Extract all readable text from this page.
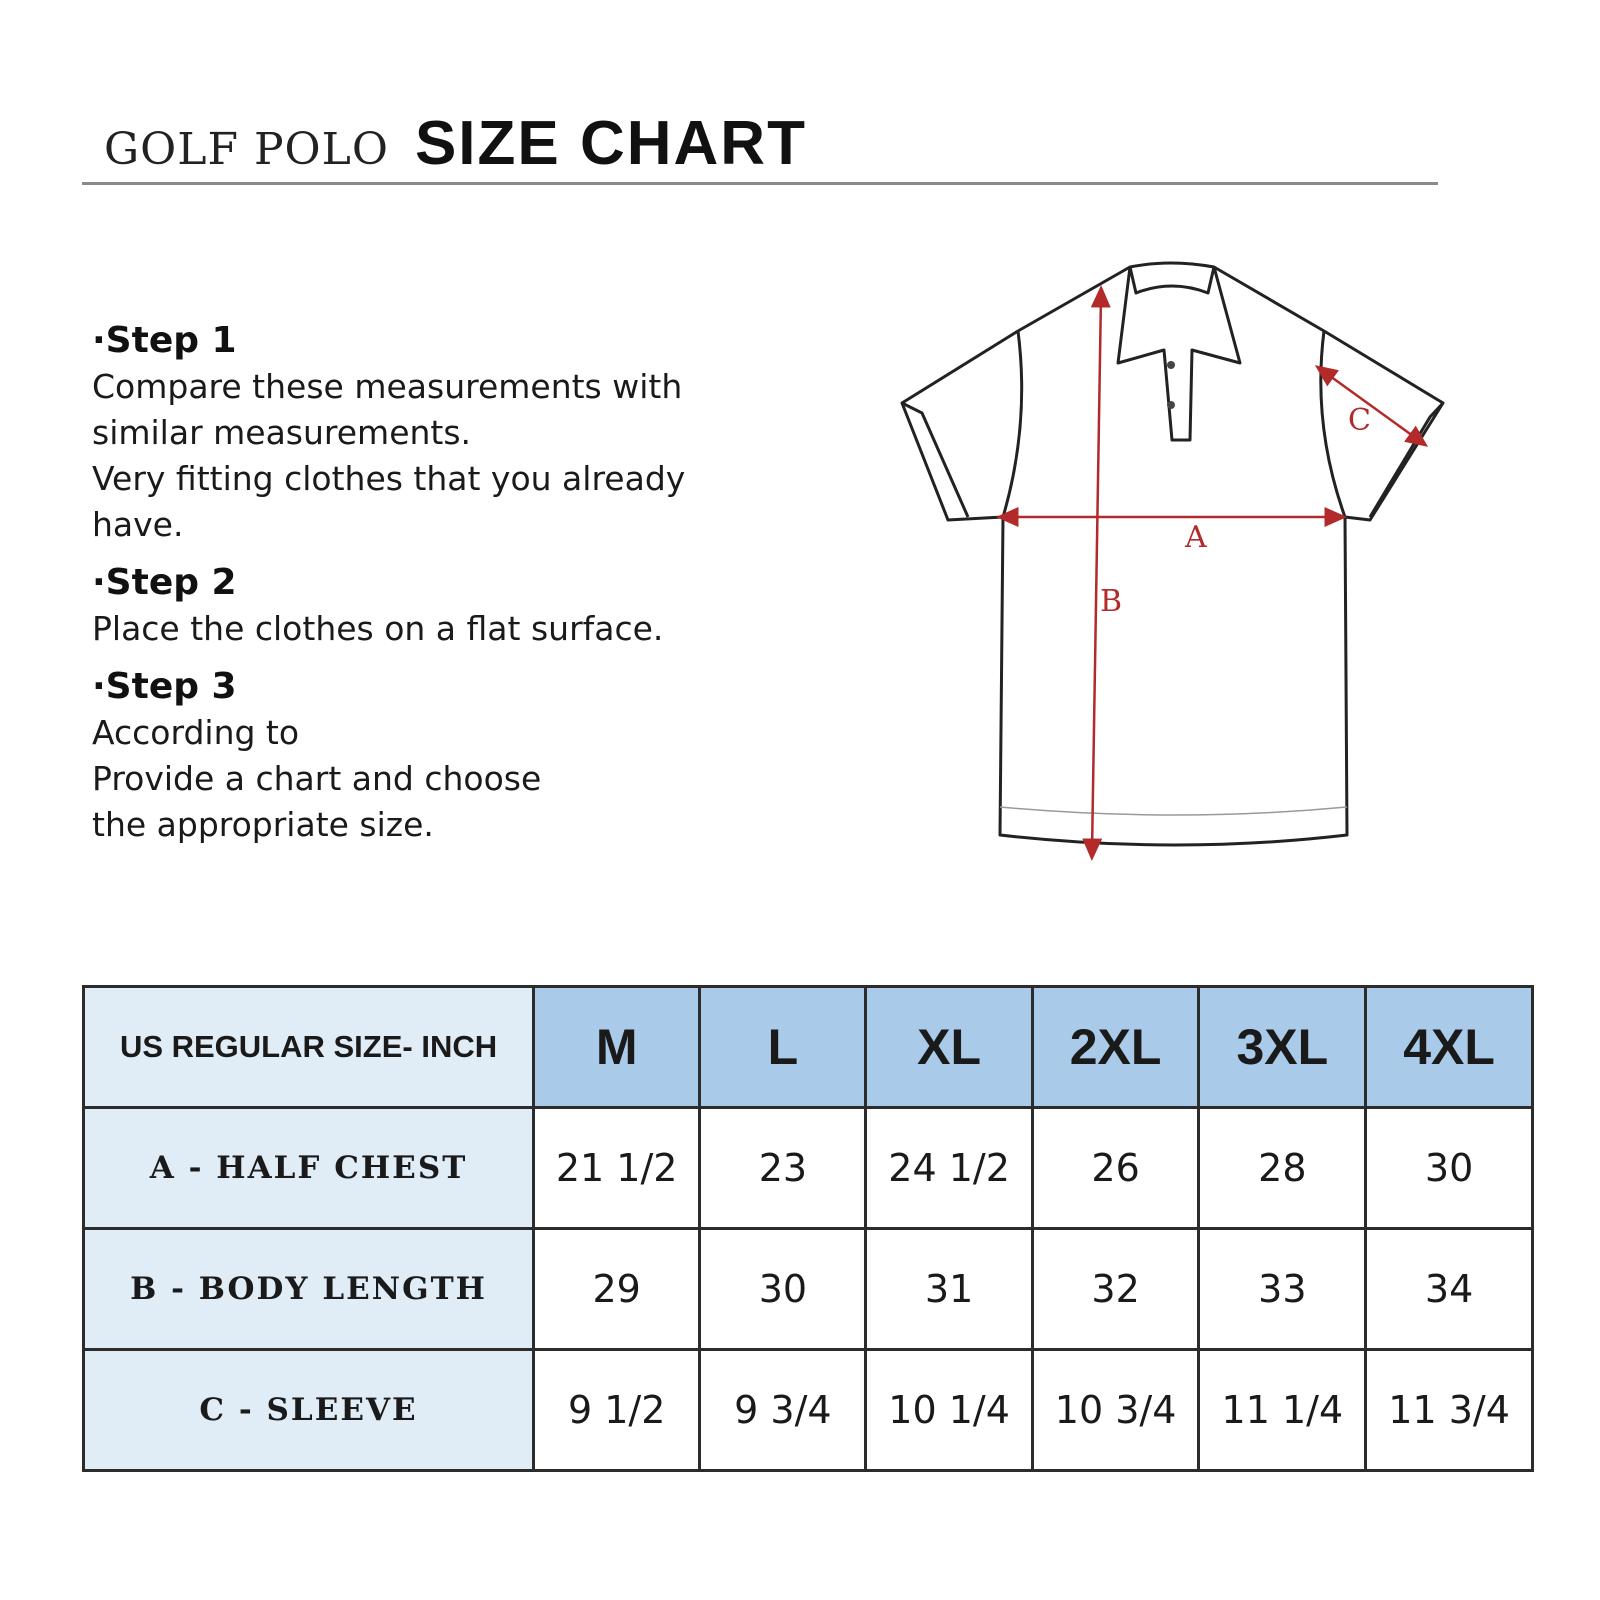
GOLF POLO SIZE CHART
·Step 1
Compare these measurements with
similar measurements.
Very fitting clothes that you already
have.
·Step 2
Place the clothes on a flat surface.
·Step 3
According to
Provide a chart and choose
the appropriate size.
A
B
C
US REGULAR SIZE- INCH	M	L	XL	2XL	3XL	4XL
A - HALF CHEST	21 1/2	23	24 1/2	26	28	30
B - BODY LENGTH	29	30	31	32	33	34
C - SLEEVE	9 1/2	9 3/4	10 1/4	10 3/4	11 1/4	11 3/4
